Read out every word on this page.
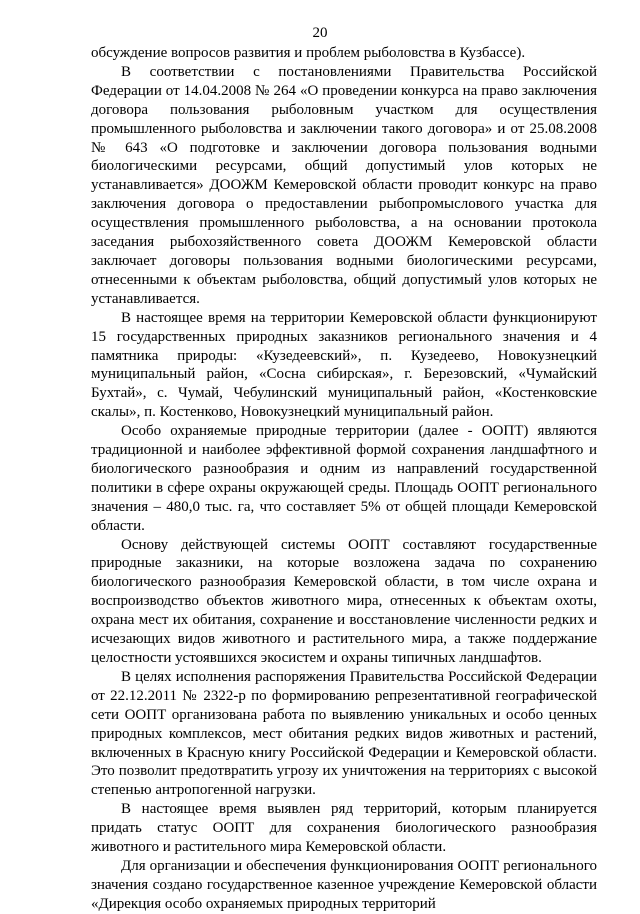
20

обсуждение вопросов развития и проблем рыболовства в Кузбассе).

В соответствии с постановлениями Правительства Российской Федерации от 14.04.2008 № 264 «О проведении конкурса на право заключения договора пользования рыболовным участком для осуществления промышленного рыболовства и заключении такого договора» и от 25.08.2008 № 643 «О подготовке и заключении договора пользования водными биологическими ресурсами, общий допустимый улов которых не устанавливается» ДООЖМ Кемеровской области проводит конкурс на право заключения договора о предоставлении рыбопромыслового участка для осуществления промышленного рыболовства, а на основании протокола заседания рыбохозяйственного совета ДООЖМ Кемеровской области заключает договоры пользования водными биологическими ресурсами, отнесенными к объектам рыболовства, общий допустимый улов которых не устанавливается.

В настоящее время на территории Кемеровской области функционируют 15 государственных природных заказников регионального значения и 4 памятника природы: «Кузедеевский», п. Кузедеево, Новокузнецкий муниципальный район, «Сосна сибирская», г. Березовский, «Чумайский Бухтай», с. Чумай, Чебулинский муниципальный район, «Костенковские скалы», п. Костенково, Новокузнецкий муниципальный район.

Особо охраняемые природные территории (далее - ООПТ) являются традиционной и наиболее эффективной формой сохранения ландшафтного и биологического разнообразия и одним из направлений государственной политики в сфере охраны окружающей среды. Площадь ООПТ регионального значения – 480,0 тыс. га, что составляет 5% от общей площади Кемеровской области.

Основу действующей системы ООПТ составляют государственные природные заказники, на которые возложена задача по сохранению биологического разнообразия Кемеровской области, в том числе охрана и воспроизводство объектов животного мира, отнесенных к объектам охоты, охрана мест их обитания, сохранение и восстановление численности редких и исчезающих видов животного и растительного мира, а также поддержание целостности устоявшихся экосистем и охраны типичных ландшафтов.

В целях исполнения распоряжения Правительства Российской Федерации от 22.12.2011 № 2322-р по формированию репрезентативной географической сети ООПТ организована работа по выявлению уникальных и особо ценных природных комплексов, мест обитания редких видов животных и растений, включенных в Красную книгу Российской Федерации и Кемеровской области. Это позволит предотвратить угрозу их уничтожения на территориях с высокой степенью антропогенной нагрузки.

В настоящее время выявлен ряд территорий, которым планируется придать статус ООПТ для сохранения биологического разнообразия животного и растительного мира Кемеровской области.

Для организации и обеспечения функционирования ООПТ регионального значения создано государственное казенное учреждение Кемеровской области «Дирекция особо охраняемых природных территорий
